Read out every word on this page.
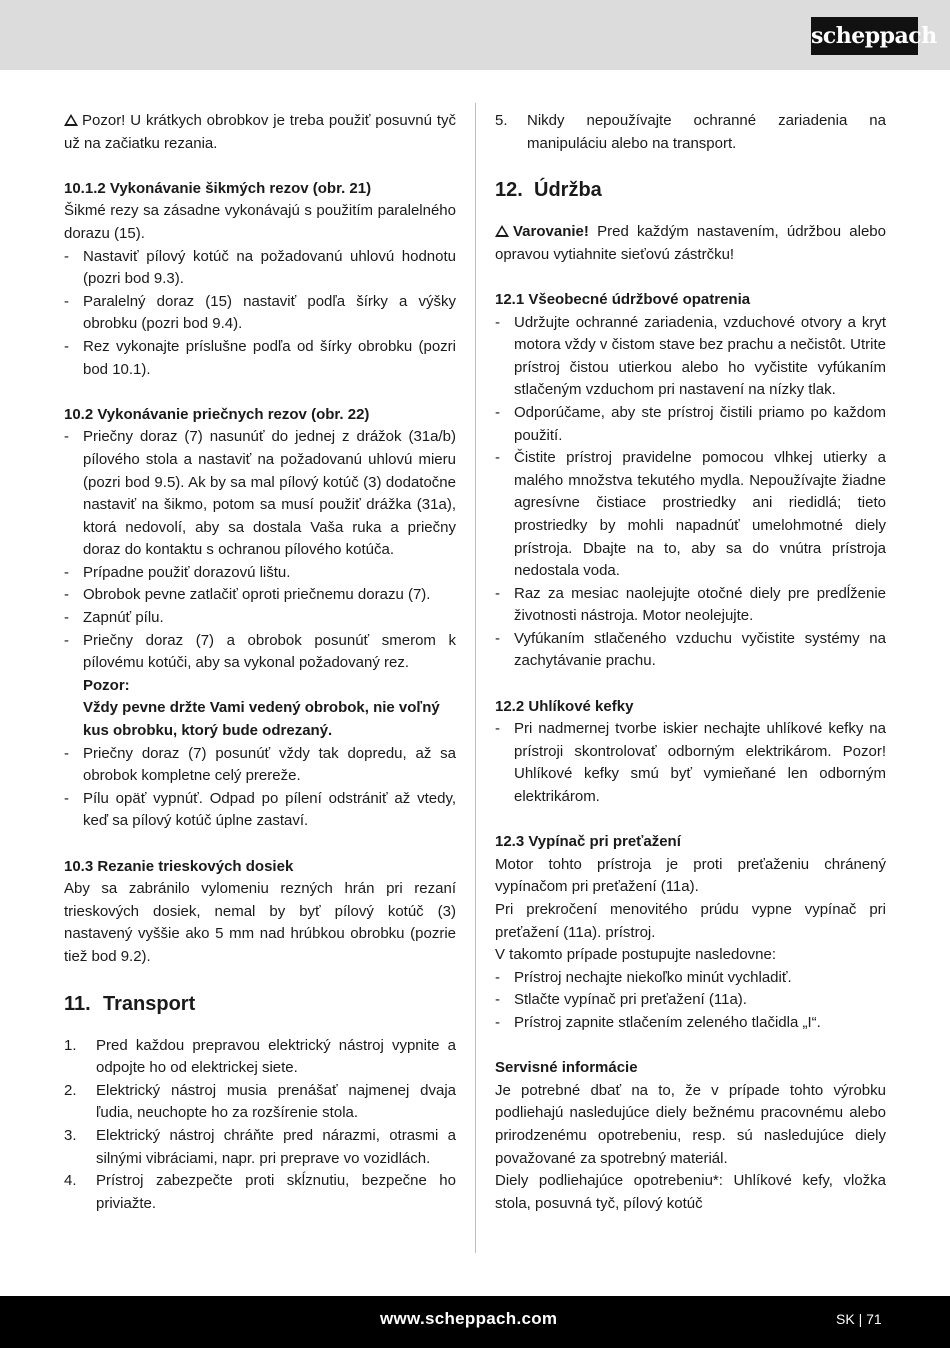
scheppach

Pozor! U krátkych obrobkov je treba použiť posuvnú tyč už na začiatku rezania.

10.1.2 Vykonávanie šikmých rezov (obr. 21)

Šikmé rezy sa zásadne vykonávajú s použitím paralelného dorazu (15).

- Nastaviť pílový kotúč na požadovanú uhlovú hodnotu (pozri bod 9.3).
- Paralelný doraz (15) nastaviť podľa šírky a výšky obrobku (pozri bod 9.4).
- Rez vykonajte príslušne podľa od šírky obrobku (pozri bod 10.1).

10.2 Vykonávanie priečnych rezov (obr. 22)

- Priečny doraz (7) nasunúť do jednej z drážok (31a/b) pílového stola a nastaviť na požadovanú uhlovú mieru (pozri bod 9.5). Ak by sa mal pílový kotúč (3) dodatočne nastaviť na šikmo, potom sa musí použiť drážka (31a), ktorá nedovolí, aby sa dostala Vaša ruka a priečny doraz do kontaktu s ochranou pílového kotúča.
- Prípadne použiť dorazovú lištu.
- Obrobok pevne zatlačiť oproti priečnemu dorazu (7).
- Zapnúť pílu.
- Priečny doraz (7) a obrobok posunúť smerom k pílovému kotúči, aby sa vykonal požadovaný rez.
Pozor:
Vždy pevne držte Vami vedený obrobok, nie voľný kus obrobku, ktorý bude odrezaný.
- Priečny doraz (7) posunúť vždy tak dopredu, až sa obrobok kompletne celý prereže.
- Pílu opäť vypnúť. Odpad po pílení odstrániť až vtedy, keď sa pílový kotúč úplne zastaví.

10.3 Rezanie trieskových dosiek

Aby sa zabránilo vylomeniu rezných hrán pri rezaní trieskových dosiek, nemal by byť pílový kotúč (3) nastavený vyššie ako 5 mm nad hrúbkou obrobku (pozrie tiež bod 9.2).

11. Transport
1. Pred každou prepravou elektrický nástroj vypnite a odpojte ho od elektrickej siete.
2. Elektrický nástroj musia prenášať najmenej dvaja ľudia, neuchopte ho za rozšírenie stola.
3. Elektrický nástroj chráňte pred nárazmi, otrasmi a silnými vibráciami, napr. pri preprave vo vozidlách.
4. Prístroj zabezpečte proti skĺznutiu, bezpečne ho priviažte.
5. Nikdy nepoužívajte ochranné zariadenia na manipuláciu alebo na transport.
12. Údržba

Varovanie! Pred každým nastavením, údržbou alebo opravou vytiahnite sieťovú zástrčku!

12.1 Všeobecné údržbové opatrenia

- Udržujte ochranné zariadenia, vzduchové otvory a kryt motora vždy v čistom stave bez prachu a nečistôt. Utrite prístroj čistou utierkou alebo ho vyčistite vyfúkaním stlačeným vzduchom pri nastavení na nízky tlak.
- Odporúčame, aby ste prístroj čistili priamo po každom použití.
- Čistite prístroj pravidelne pomocou vlhkej utierky a malého množstva tekutého mydla. Nepoužívajte žiadne agresívne čistiace prostriedky ani riedidlá; tieto prostriedky by mohli napadnúť umelohmotné diely prístroja. Dbajte na to, aby sa do vnútra prístroja nedostala voda.
- Raz za mesiac naolejujte otočné diely pre predĺženie životnosti nástroja. Motor neolejujte.
- Vyfúkaním stlačeného vzduchu vyčistite systémy na zachytávanie prachu.

12.2 Uhlíkové kefky

- Pri nadmernej tvorbe iskier nechajte uhlíkové kefky na prístroji skontrolovať odborným elektrikárom. Pozor! Uhlíkové kefky smú byť vymieňané len odborným elektrikárom.

12.3 Vypínač pri preťažení

Motor tohto prístroja je proti preťaženiu chránený vypínačom pri preťažení (11a).

Pri prekročení menovitého prúdu vypne vypínač pri preťažení (11a). prístroj.

V takomto prípade postupujte nasledovne:

- Prístroj nechajte niekoľko minút vychladiť.
- Stlačte vypínač pri preťažení (11a).
- Prístroj zapnite stlačením zeleného tlačidla „I“.

Servisné informácie

Je potrebné dbať na to, že v prípade tohto výrobku podliehajú nasledujúce diely bežnému pracovnému alebo prirodzenému opotrebeniu, resp. sú nasledujúce diely považované za spotrebný materiál.

Diely podliehajúce opotrebeniu*: Uhlíkové kefy, vložka stola, posuvná tyč, pílový kotúč

www.scheppach.com	SK | 71
